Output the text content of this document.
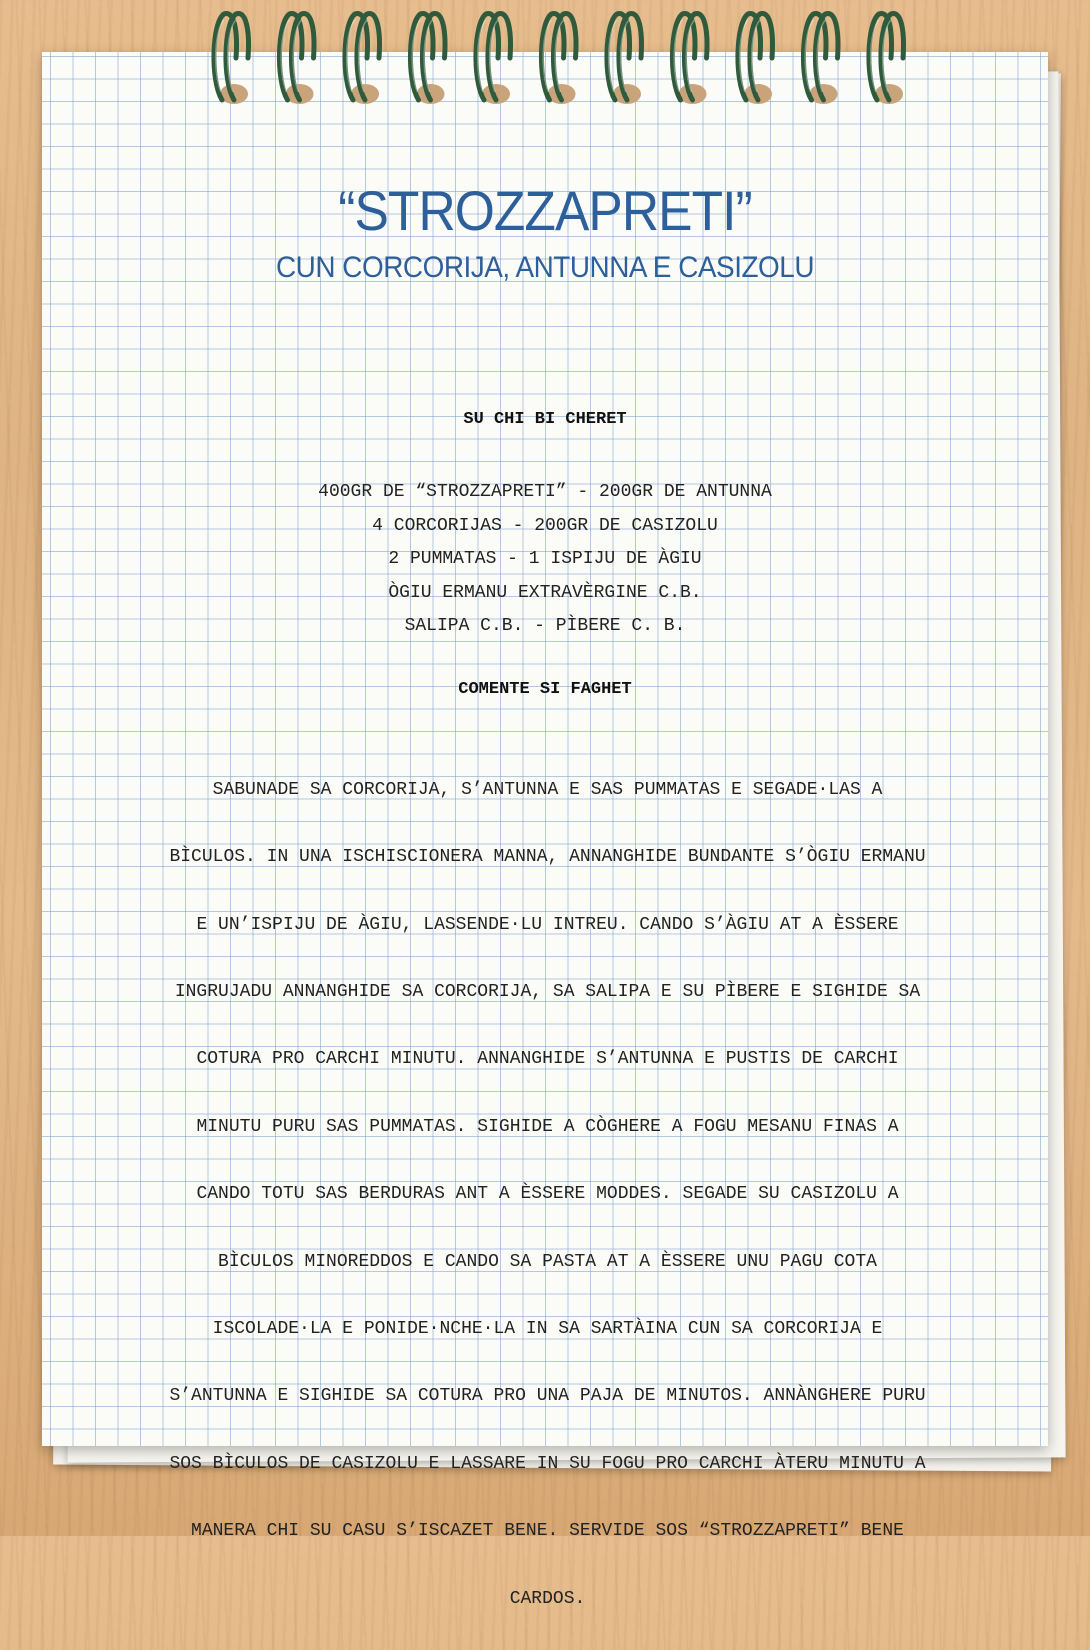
“STROZZAPRETI”
CUN CORCORIJA, ANTUNNA E CASIZOLU
SU CHI BI CHERET
400GR DE “STROZZAPRETI” - 200GR DE ANTUNNA
4 CORCORIJAS - 200GR DE CASIZOLU
2 PUMMATAS - 1 ISPIJU DE ÀGIU
ÒGIU ERMANU EXTRAVÈRGINE C.B.
SALIPA C.B. - PÌBERE C. B.
COMENTE SI FAGHET

SABUNADE SA CORCORIJA, S’ANTUNNA E SAS PUMMATAS E SEGADE·LAS A

BÌCULOS. IN UNA ISCHISCIONERA MANNA, ANNANGHIDE BUNDANTE S’ÒGIU ERMANU

E UN’ISPIJU DE ÀGIU, LASSENDE·LU INTREU. CANDO S’ÀGIU AT A ÈSSERE

INGRUJADU ANNANGHIDE SA CORCORIJA, SA SALIPA E SU PÌBERE E SIGHIDE SA

COTURA PRO CARCHI MINUTU. ANNANGHIDE S’ANTUNNA E PUSTIS DE CARCHI

MINUTU PURU SAS PUMMATAS. SIGHIDE A CÒGHERE A FOGU MESANU FINAS A

CANDO TOTU SAS BERDURAS ANT A ÈSSERE MODDES. SEGADE SU CASIZOLU A

BÌCULOS MINOREDDOS E CANDO SA PASTA AT A ÈSSERE UNU PAGU COTA

ISCOLADE·LA E PONIDE·NCHE·LA IN SA SARTÀINA CUN SA CORCORIJA E

S’ANTUNNA E SIGHIDE SA COTURA PRO UNA PAJA DE MINUTOS. ANNÀNGHERE PURU

SOS BÌCULOS DE CASIZOLU E LASSARE IN SU FOGU PRO CARCHI ÀTERU MINUTU A

MANERA CHI SU CASU S’ISCAZET BENE. SERVIDE SOS “STROZZAPRETI” BENE

CARDOS.
